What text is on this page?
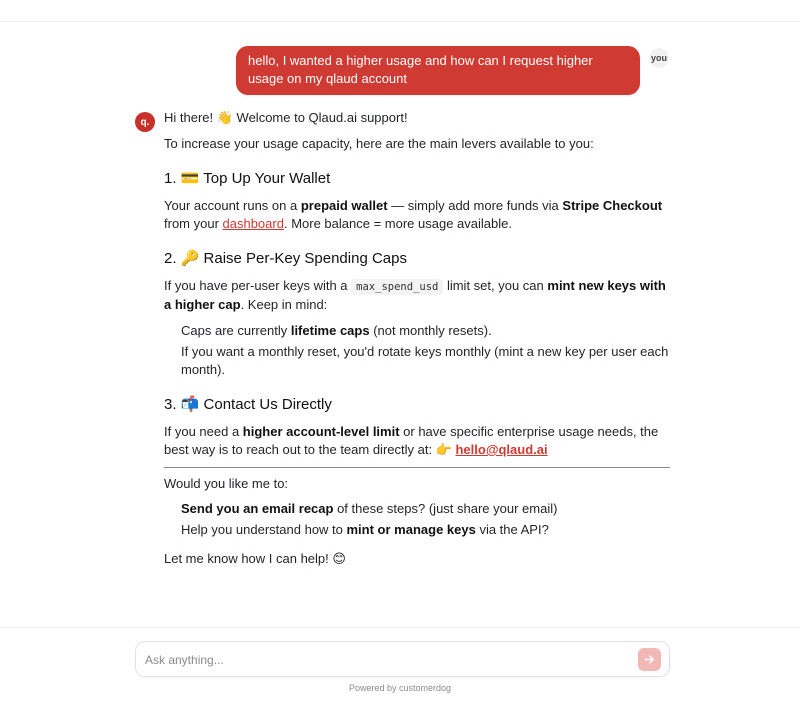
hello, I wanted a higher usage and how can I request higher usage on my qlaud account
you
q.	Hi there! 👋 Welcome to Qlaud.ai support!

To increase your usage capacity, here are the main levers available to you:

1. 💳 Top Up Your Wallet

Your account runs on a prepaid wallet — simply add more funds via Stripe Checkout from your dashboard. More balance = more usage available.

2. 🔑 Raise Per-Key Spending Caps

If you have per-user keys with a max_spend_usd limit set, you can mint new keys with a higher cap. Keep in mind:

Caps are currently lifetime caps (not monthly resets).

If you want a monthly reset, you'd rotate keys monthly (mint a new key per user each month).

3. 📬 Contact Us Directly

If you need a higher account-level limit or have specific enterprise usage needs, the best way is to reach out to the team directly at: 👉 hello@qlaud.ai

Would you like me to:

Send you an email recap of these steps? (just share your email)

Help you understand how to mint or manage keys via the API?

Let me know how I can help! 😊

Ask anything...
Powered by customerdog
